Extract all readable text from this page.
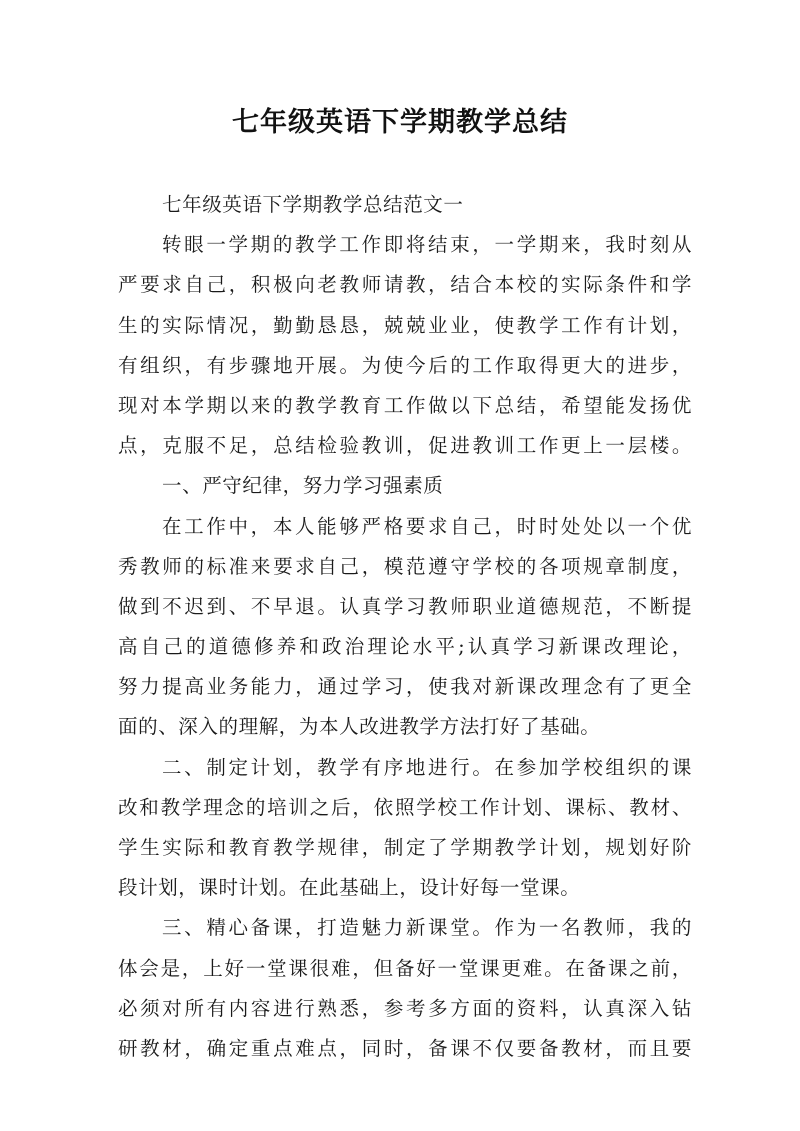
七年级英语下学期教学总结
七年级英语下学期教学总结范文一
转眼一学期的教学工作即将结束，一学期来，我时刻从
严要求自己，积极向老教师请教，结合本校的实际条件和学
生的实际情况，勤勤恳恳，兢兢业业，使教学工作有计划，
有组织，有步骤地开展。为使今后的工作取得更大的进步，
现对本学期以来的教学教育工作做以下总结，希望能发扬优
点，克服不足，总结检验教训，促进教训工作更上一层楼。
一、严守纪律，努力学习强素质
在工作中，本人能够严格要求自己，时时处处以一个优
秀教师的标准来要求自己，模范遵守学校的各项规章制度，
做到不迟到、不早退。认真学习教师职业道德规范，不断提
高自己的道德修养和政治理论水平;认真学习新课改理论，
努力提高业务能力，通过学习，使我对新课改理念有了更全
面的、深入的理解，为本人改进教学方法打好了基础。
二、制定计划，教学有序地进行。在参加学校组织的课
改和教学理念的培训之后，依照学校工作计划、课标、教材、
学生实际和教育教学规律，制定了学期教学计划，规划好阶
段计划，课时计划。在此基础上，设计好每一堂课。
三、精心备课，打造魅力新课堂。作为一名教师，我的
体会是，上好一堂课很难，但备好一堂课更难。在备课之前，
必须对所有内容进行熟悉，参考多方面的资料，认真深入钻
研教材，确定重点难点，同时，备课不仅要备教材，而且要
